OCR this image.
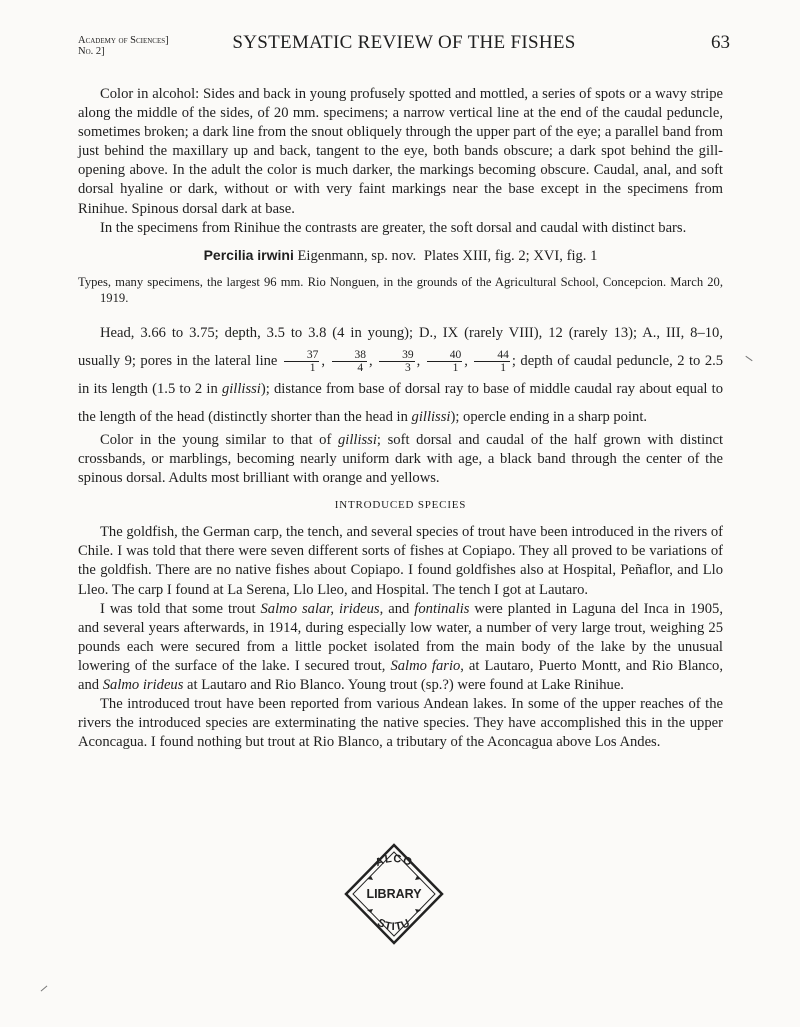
Academy of Sciences]
No. 2]	SYSTEMATIC REVIEW OF THE FISHES	63

Color in alcohol: Sides and back in young profusely spotted and mottled, a series of spots or a wavy stripe along the middle of the sides, of 20 mm. specimens; a narrow vertical line at the end of the caudal peduncle, sometimes broken; a dark line from the snout obliquely through the upper part of the eye; a parallel band from just behind the maxillary up and back, tangent to the eye, both bands obscure; a dark spot behind the gill-opening above. In the adult the color is much darker, the markings becoming obscure. Caudal, anal, and soft dorsal hyaline or dark, without or with very faint markings near the base except in the specimens from Rinihue. Spinous dorsal dark at base.

In the specimens from Rinihue the contrasts are greater, the soft dorsal and caudal with distinct bars.

Percilia irwini Eigenmann, sp. nov. Plates XIII, fig. 2; XVI, fig. 1

Types, many specimens, the largest 96 mm. Rio Nonguen, in the grounds of the Agricultural School, Concepcion. March 20, 1919.

Head, 3.66 to 3.75; depth, 3.5 to 3.8 (4 in young); D., IX (rarely VIII), 12 (rarely 13); A., III, 8–10, usually 9; pores in the lateral line $\frac{37}{1}$ , $\frac{38}{4}$ , $\frac{39}{3}$ , $\frac{40}{1}$ , $\frac{44}{1}$ ; depth of caudal peduncle, 2 to 2.5 in its length (1.5 to 2 in gillissi); distance from base of dorsal ray to base of middle caudal ray about equal to the length of the head (distinctly shorter than the head in gillissi); opercle ending in a sharp point.

Color in the young similar to that of gillissi; soft dorsal and caudal of the half grown with distinct crossbands, or marblings, becoming nearly uniform dark with age, a black band through the center of the spinous dorsal. Adults most brilliant with orange and yellows.

INTRODUCED SPECIES

The goldfish, the German carp, the tench, and several species of trout have been introduced in the rivers of Chile. I was told that there were seven different sorts of fishes at Copiapo. They all proved to be variations of the goldfish. There are no native fishes about Copiapo. I found goldfishes also at Hospital, Peñaflor, and Llo Lleo. The carp I found at La Serena, Llo Lleo, and Hospital. The tench I got at Lautaro.

I was told that some trout Salmo salar, irideus, and fontinalis were planted in Laguna del Inca in 1905, and several years afterwards, in 1914, during especially low water, a number of very large trout, weighing 25 pounds each were secured from a little pocket isolated from the main body of the lake by the unusual lowering of the surface of the lake. I secured trout, Salmo fario, at Lautaro, Puerto Montt, and Rio Blanco, and Salmo irideus at Lautaro and Rio Blanco. Young trout (sp.?) were found at Lake Rinihue.

The introduced trout have been reported from various Andean lakes. In some of the upper reaches of the rivers the introduced species are exterminating the native species. They have accomplished this in the upper Aconcagua. I found nothing but trout at Rio Blanco, a tributary of the Aconcagua above Los Andes.

ALCO
LIBRARY
STITU
